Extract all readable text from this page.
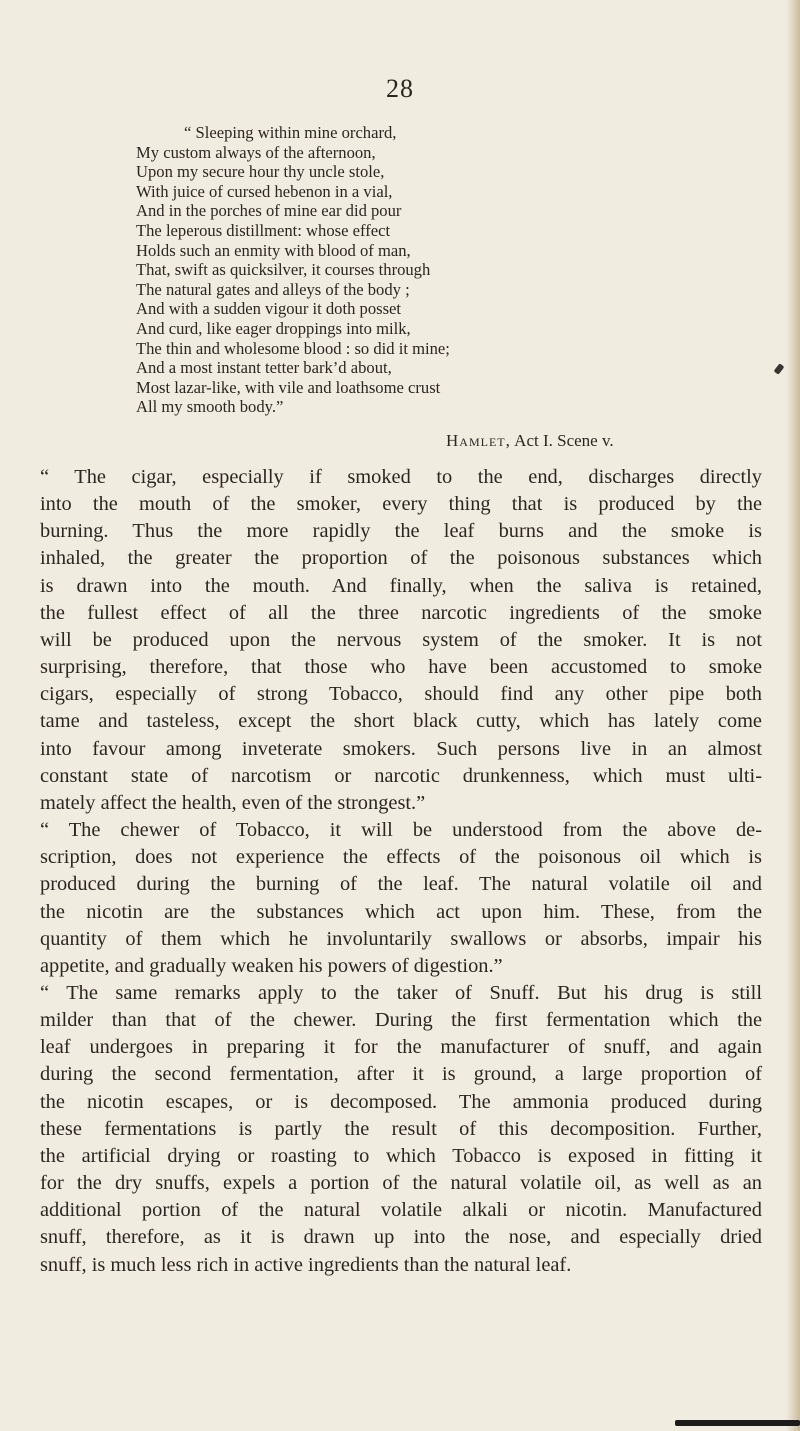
28
“ Sleeping within mine orchard,
My custom always of the afternoon,
Upon my secure hour thy uncle stole,
With juice of cursed hebenon in a vial,
And in the porches of mine ear did pour
The leperous distillment: whose effect
Holds such an enmity with blood of man,
That, swift as quicksilver, it courses through
The natural gates and alleys of the body ;
And with a sudden vigour it doth posset
And curd, like eager droppings into milk,
The thin and wholesome blood : so did it mine;
And a most instant tetter bark’d about,
Most lazar-like, with vile and loathsome crust
All my smooth body.”
Hamlet, Act I. Scene v.
“ The cigar, especially if smoked to the end, discharges directly
into the mouth of the smoker, every thing that is produced by the
burning. Thus the more rapidly the leaf burns and the smoke is
inhaled, the greater the proportion of the poisonous substances which
is drawn into the mouth. And finally, when the saliva is retained,
the fullest effect of all the three narcotic ingredients of the smoke
will be produced upon the nervous system of the smoker. It is not
surprising, therefore, that those who have been accustomed to smoke
cigars, especially of strong Tobacco, should find any other pipe both
tame and tasteless, except the short black cutty, which has lately come
into favour among inveterate smokers. Such persons live in an almost
constant state of narcotism or narcotic drunkenness, which must ulti-
mately affect the health, even of the strongest.”
“ The chewer of Tobacco, it will be understood from the above de-
scription, does not experience the effects of the poisonous oil which is
produced during the burning of the leaf. The natural volatile oil and
the nicotin are the substances which act upon him. These, from the
quantity of them which he involuntarily swallows or absorbs, impair his
appetite, and gradually weaken his powers of digestion.”
“ The same remarks apply to the taker of Snuff. But his drug is still
milder than that of the chewer. During the first fermentation which the
leaf undergoes in preparing it for the manufacturer of snuff, and again
during the second fermentation, after it is ground, a large proportion of
the nicotin escapes, or is decomposed. The ammonia produced during
these fermentations is partly the result of this decomposition. Further,
the artificial drying or roasting to which Tobacco is exposed in fitting it
for the dry snuffs, expels a portion of the natural volatile oil, as well as an
additional portion of the natural volatile alkali or nicotin. Manufactured
snuff, therefore, as it is drawn up into the nose, and especially dried
snuff, is much less rich in active ingredients than the natural leaf.
